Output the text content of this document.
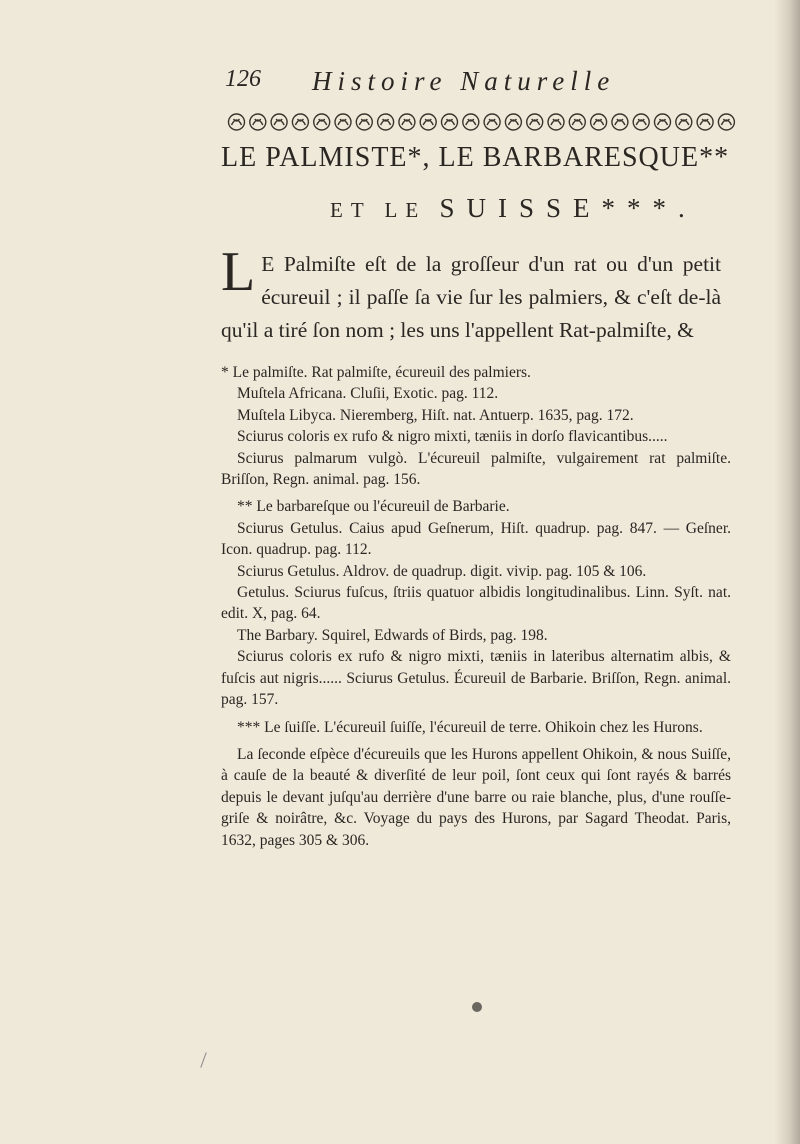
126 Histoire Naturelle
LE PALMISTE*, LE BARBARESQUE**
ET LE SUISSE***.
L E Palmiſte eſt de la groſſeur d'un rat ou d'un petit écureuil ; il paſſe ſa vie ſur les palmiers, & c'eſt de-là qu'il a tiré ſon nom ; les uns l'appellent Rat-palmiſte, &

* Le palmiſte. Rat palmiſte, écureuil des palmiers.

Muſtela Africana. Cluſii, Exotic. pag. 112.

Muſtela Libyca. Nieremberg, Hiſt. nat. Antuerp. 1635, pag. 172.

Sciurus coloris ex rufo & nigro mixti, tæniis in dorſo flavicantibus.....

Sciurus palmarum vulgò. L'écureuil palmiſte, vulgairement rat palmiſte. Briſſon, Regn. animal. pag. 156.

** Le barbareſque ou l'écureuil de Barbarie.

Sciurus Getulus. Caius apud Geſnerum, Hiſt. quadrup. pag. 847. — Geſner. Icon. quadrup. pag. 112.

Sciurus Getulus. Aldrov. de quadrup. digit. vivip. pag. 105 & 106.

Getulus. Sciurus fuſcus, ſtriis quatuor albidis longitudinalibus. Linn. Syſt. nat. edit. X, pag. 64.

The Barbary. Squirel, Edwards of Birds, pag. 198.

Sciurus coloris ex rufo & nigro mixti, tæniis in lateribus alternatim albis, & fuſcis aut nigris...... Sciurus Getulus. Écureuil de Barbarie. Briſſon, Regn. animal. pag. 157.

*** Le ſuiſſe. L'écureuil ſuiſſe, l'écureuil de terre. Ohikoin chez les Hurons.

La ſeconde eſpèce d'écureuils que les Hurons appellent Ohikoin, & nous Suiſſe, à cauſe de la beauté & diverſité de leur poil, ſont ceux qui ſont rayés & barrés depuis le devant juſqu'au derrière d'une barre ou raie blanche, plus, d'une rouſſe-griſe & noirâtre, &c. Voyage du pays des Hurons, par Sagard Theodat. Paris, 1632, pages 305 & 306.
